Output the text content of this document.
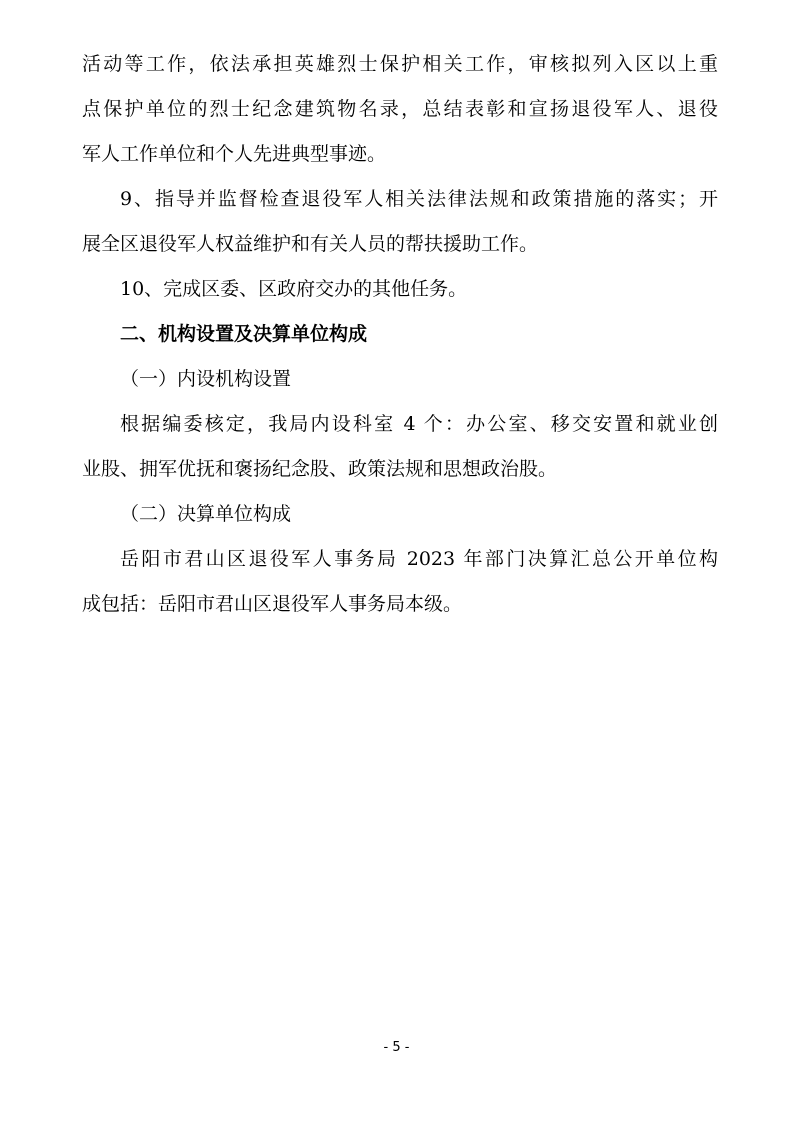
活动等工作，依法承担英雄烈士保护相关工作，审核拟列入区以上重
点保护单位的烈士纪念建筑物名录，总结表彰和宣扬退役军人、退役
军人工作单位和个人先进典型事迹。
9、指导并监督检查退役军人相关法律法规和政策措施的落实；开
展全区退役军人权益维护和有关人员的帮扶援助工作。
10、完成区委、区政府交办的其他任务。
二、机构设置及决算单位构成
（一）内设机构设置
根据编委核定，我局内设科室 4 个：办公室、移交安置和就业创
业股、拥军优抚和褒扬纪念股、政策法规和思想政治股。
（二）决算单位构成
岳阳市君山区退役军人事务局 2023 年部门决算汇总公开单位构
成包括：岳阳市君山区退役军人事务局本级。
- 5 -
